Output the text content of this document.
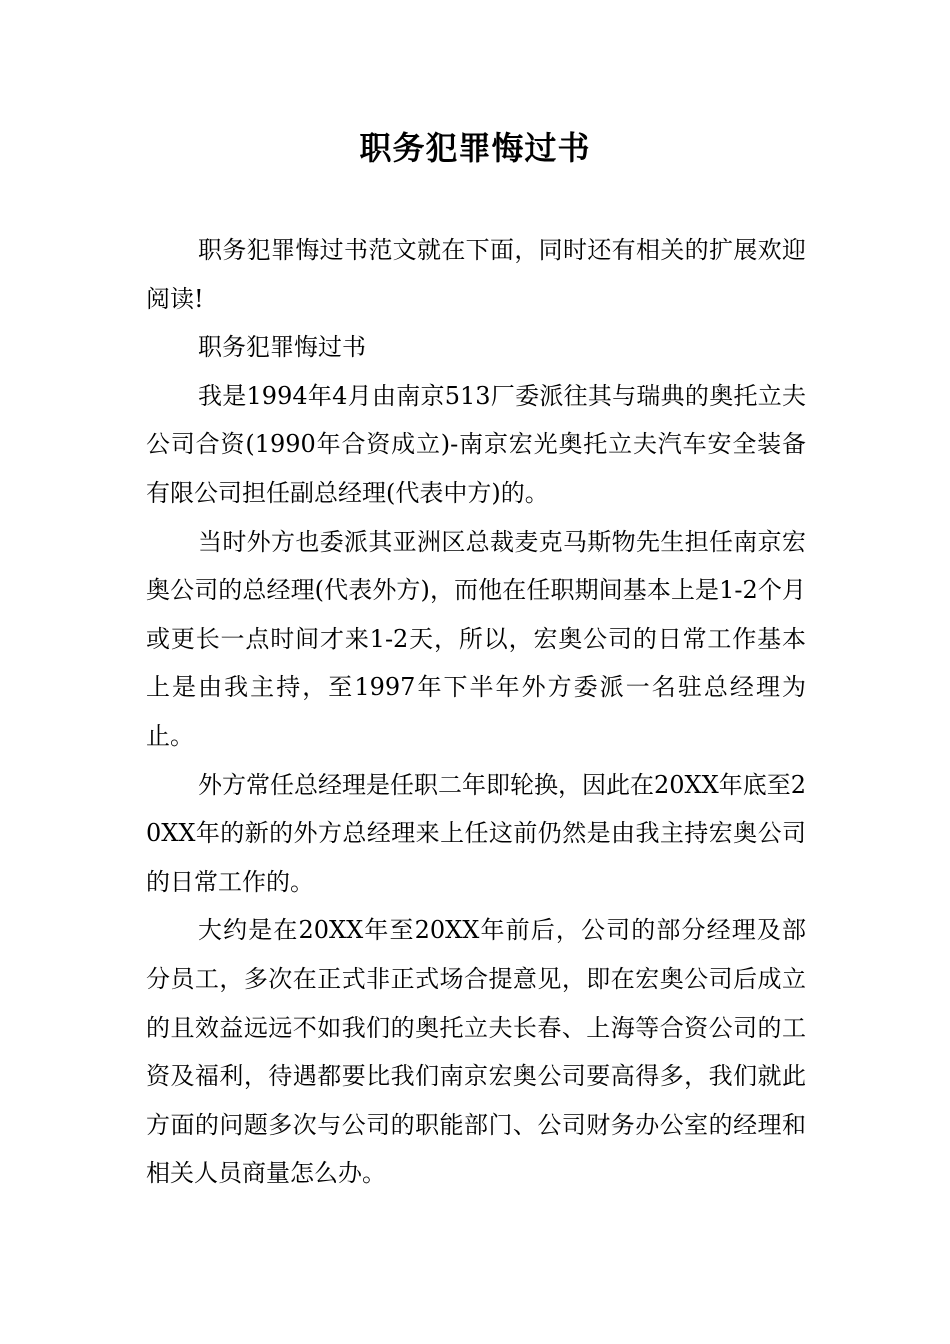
职务犯罪悔过书

职务犯罪悔过书范文就在下面，同时还有相关的扩展欢迎阅读!

职务犯罪悔过书

我是1994年4月由南京513厂委派往其与瑞典的奥托立夫公司合资(1990年合资成立)-南京宏光奥托立夫汽车安全装备有限公司担任副总经理(代表中方)的。

当时外方也委派其亚洲区总裁麦克马斯物先生担任南京宏奥公司的总经理(代表外方)，而他在任职期间基本上是1-2个月或更长一点时间才来1-2天，所以，宏奥公司的日常工作基本上是由我主持，至1997年下半年外方委派一名驻总经理为止。

外方常任总经理是任职二年即轮换，因此在20XX年底至20XX年的新的外方总经理来上任这前仍然是由我主持宏奥公司的日常工作的。

大约是在20XX年至20XX年前后，公司的部分经理及部分员工，多次在正式非正式场合提意见，即在宏奥公司后成立的且效益远远不如我们的奥托立夫长春、上海等合资公司的工资及福利，待遇都要比我们南京宏奥公司要高得多，我们就此方面的问题多次与公司的职能部门、公司财务办公室的经理和相关人员商量怎么办。
